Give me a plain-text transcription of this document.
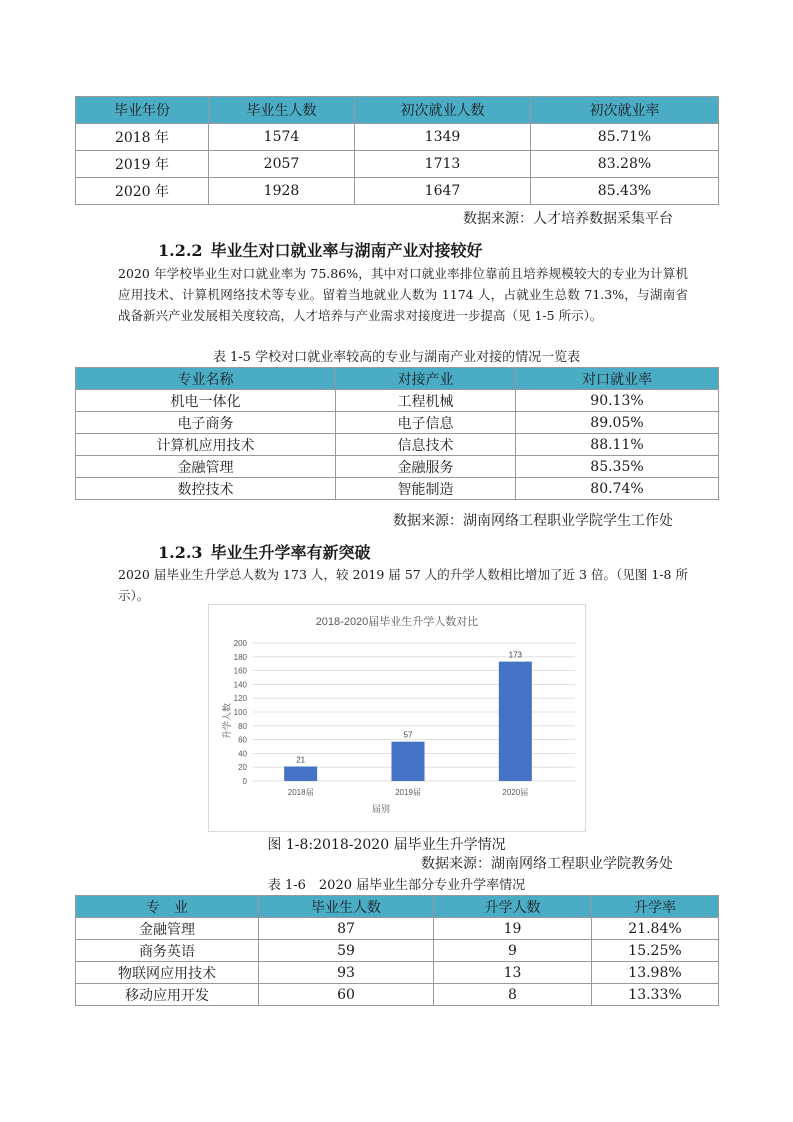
毕业年份	毕业生人数	初次就业人数	初次就业率
2018 年	1574	1349	85.71%
2019 年	2057	1713	83.28%
2020 年	1928	1647	85.43%
数据来源：人才培养数据采集平台
1.2.2 毕业生对口就业率与湖南产业对接较好
2020 年学校毕业生对口就业率为 75.86%，其中对口就业率排位靠前且培养规模较大的专业为计算机应用技术、计算机网络技术等专业。留着当地就业人数为 1174 人，占就业生总数 71.3%，与湖南省战备新兴产业发展相关度较高，人才培养与产业需求对接度进一步提高（见 1-5 所示）。
表 1-5 学校对口就业率较高的专业与湖南产业对接的情况一览表
专业名称	对接产业	对口就业率
机电一体化	工程机械	90.13%
电子商务	电子信息	89.05%
计算机应用技术	信息技术	88.11%
金融管理	金融服务	85.35%
数控技术	智能制造	80.74%
数据来源：湖南网络工程职业学院学生工作处
1.2.3 毕业生升学率有新突破
2020 届毕业生升学总人数为 173 人，较 2019 届 57 人的升学人数相比增加了近 3 倍。（见图 1-8 所示）。
2018-2020届毕业生升学人数对比
0
20
40
60
80
100
120
140
160
180
200
21
57
173
2018届	2019届	2020届
升学人数
届别
图 1-8:2018-2020 届毕业生升学情况
数据来源：湖南网络工程职业学院教务处
表 1-6　2020 届毕业生部分专业升学率情况
专　业	毕业生人数	升学人数	升学率
金融管理	87	19	21.84%
商务英语	59	9	15.25%
物联网应用技术	93	13	13.98%
移动应用开发	60	8	13.33%
